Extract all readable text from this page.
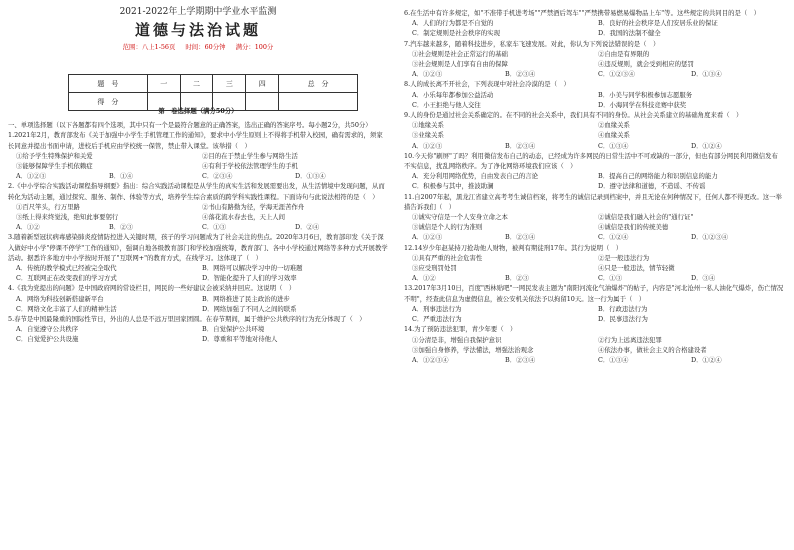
2021-2022年上学期期中学业水平监测
道德与法治试题
范围：八上1-56页 时间：60分钟 满分：100分
题　号	一	二	三	四	总　分
得　分					
第一卷选择题（满分50分）
一、单项选择题（以下各题都有四个选项，其中只有一个是最符合题意的正确答案，选出正确的答案序号。每小题2分，共50分）
1.2021年2月，教育部发布《关于加强中小学生手机管理工作的通知》，要求中小学生原则上不得将手机带入校园，确有需求的，须家长同意并提出书面申请，进校后手机应由学校统一保管，禁止带入课堂。该举措（　）
①给予学生特殊保护和关爱	②目的在于禁止学生参与网络生活
③能够保障学生手机依赖症	④有利于学校依法管理学生的手机
A．①②③	B．①④	C．②③④	D．①③④
2.《中小学综合实践活动课程指导纲要》指出：综合实践活动课程是从学生的真实生活和发展需要出发，从生活情境中发现问题，从而转化为活动主题，通过探究、服务、制作、体验等方式，培养学生综合素质的跨学科实践性课程。下面诗句与此说法相符的是（　）
①百尺竿头，行万里路	②书山有路勤为径，学海无涯苦作舟
③纸上得来终觉浅，绝知此事要躬行	④落花流水春去也，天上人间
A．①②	B．②③	C．①③	D．②④
3.随着新型冠状病毒感染肺炎疫情防控进入关键时期，孩子的学习问题成为了社会关注的焦点。2020年3月6日，教育部印发《关于深入做好中小学"停课不停学"工作的通知》，强调自地各级教育部门和学校加强统筹，教育部门、各中小学校通过网络等多种方式开展教学活动。据悉许多地方中小学按时开展了"互联网+"的教育方式，在线学习。这体现了（　）
A．传统的教学模式已经被完全取代	B．网络可以解决学习中的一切难题
C．互联网正在改变我们的学习方式	D．智能化提升了人们的学习效率
4.《我为党提出的问题》是中国政府网的常设栏目，网民的一些好建议会被采纳并回应。这说明（　）
A．网络为科技创新搭建新平台	B．网络推进了民主政治的进步
C．网络文化丰富了人们的精神生活	D．网络加强了不同人之间的联系
5.春节是中国最隆重的国际性节日，外出的人总是不远万里回家团圆。在春节期间，属于维护公共秩序的行为充分体现了（　）
A．自觉遵守公共秩序	B．自觉保护公共环境
C．自觉爱护公共设施	D．尊重和平等地对待他人
6.在生活中有许多规定，如"不准带手机进考场""严禁酒后驾车""严禁携带易燃易爆物品上车"等。这些规定的共同目的是（　）
A．人们的行为都是不自觉的	B．良好的社会秩序是人们安居乐业的保证
C．制定规则是社会秩序的实现	D．我国的法制不健全
7.汽车越来越多，随着科技进步，私家车飞速发展。对此，你认为下列说法错误的是（　）
①社会规则是社会正常运行的基础	②自由是有界限的
③社会规则是人们享有自由的保障	④违反规则，就会受到相应的惩罚
A．①②③	B．②③④	C．①②③④	D．①③④
8.人的成长离不开社会，下列表现中对社会冷漠的是（　）
A．小乐每年都参加公益活动	B．小美与同学积极参加志愿服务
C．小王拒绝与他人交往	D．小海同学在科技竞赛中获奖
9.人的身份是通过社会关系确定的。在不同的社会关系中，我们具有不同的身份。从社会关系建立的基础角度来看（　）
①地缘关系	②血缘关系
③业缘关系	④血缘关系
A．①②③	B．②③④	C．①③④	D．①②④
10.今天你"刷屏"了吗？利用微信发布自己的动态，已经成为许多网民的日常生活中不可或缺的一部分，但也有部分网民利用微信发布不实信息，扰乱网络秩序。为了净化网络环境我们应该（　）
A．充分利用网络优势，自由发表自己的言论	B．提高自己的网络能力和识别信息的能力
C．积极参与其中，推波助澜	D．遵守法律和道德，不造谣、不传谣
11.自2007年起，黑龙江省建立高考考生诚信档案，将考生的诚信记录到档案中，并且无论在何种情况下，任何人都不得更改。这一举措告诉我们（　）
①诚实守信是一个人安身立命之本	②诚信是我们融入社会的"通行证"
③诚信是个人的行为准则	④诚信是我们的传统美德
A．①②③	B．②③④	C．①②④	D．①②③④
12.14岁少年赵某持刀抢劫他人财物，被判有期徒刑17年。其行为说明（　）
①具有严重的社会危害性	②是一般违法行为
③应受刑罚处罚	④只是一般违法，情节轻微
A．①②	B．②③	C．①③	D．③④
13.2017年3月10日，百度"西林贴吧"一网民发表主题为"南阳河流化气油爆炸"的帖子，内容是"河北沧州一私人油化气爆炸，伤亡情况不明"，经查此信息为虚假信息，被公安机关依法予以拘留10天。这一行为属于（　）
A．刑事违法行为	B．行政违法行为
C．严重违法行为	D．民事违法行为
14.为了预防违法犯罪，青少年要（　）
①分清是非，增强自我保护意识	②行为上远离违法犯罪
③加强自身修养，学法懂法，增强法治观念	④依法办事，做社会主义的合格建设者
A．①②③④	B．②③④	C．①③④	D．①②④
